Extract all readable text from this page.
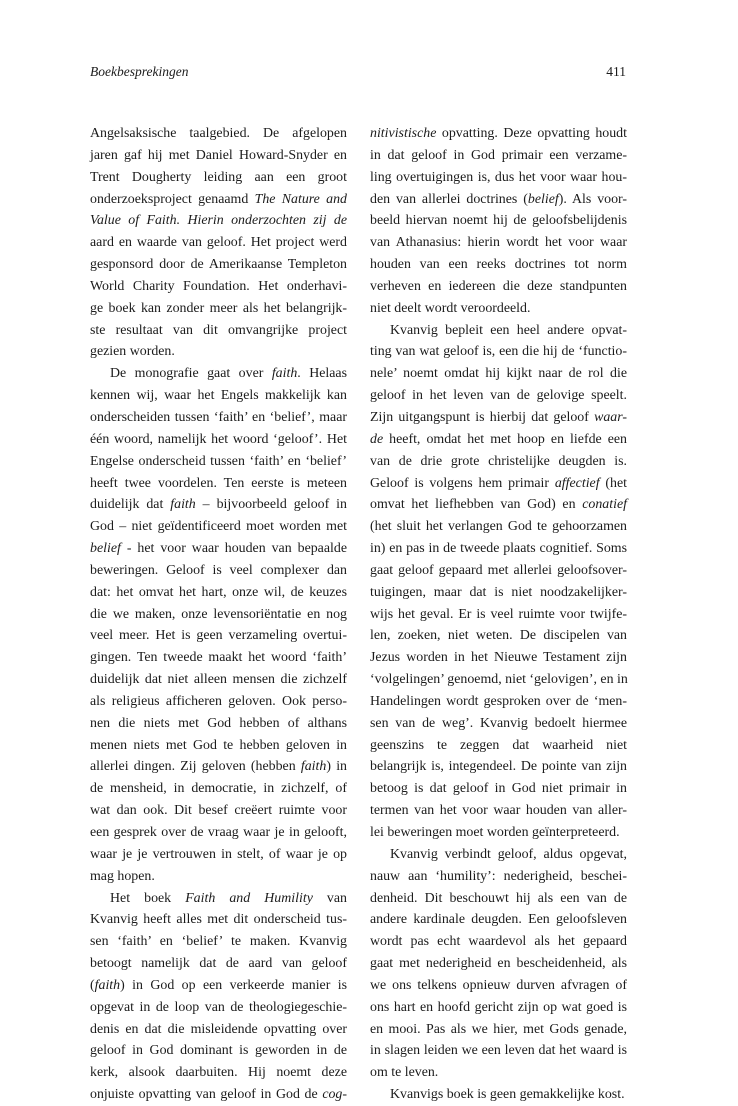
Boekbesprekingen	411
Angelsaksische taalgebied. De afgelopen
jaren gaf hij met Daniel Howard-Snyder en
Trent Dougherty leiding aan een groot
onderzoeksproject genaamd The Nature and
Value of Faith. Hierin onderzochten zij de
aard en waarde van geloof. Het project werd
gesponsord door de Amerikaanse Templeton
World Charity Foundation. Het onderhavi-
ge boek kan zonder meer als het belangrijk-
ste resultaat van dit omvangrijke project
gezien worden.
De monografie gaat over faith. Helaas
kennen wij, waar het Engels makkelijk kan
onderscheiden tussen ‘faith’ en ‘belief’, maar
één woord, namelijk het woord ‘geloof’. Het
Engelse onderscheid tussen ‘faith’ en ‘belief’
heeft twee voordelen. Ten eerste is meteen
duidelijk dat faith – bijvoorbeeld geloof in
God – niet geïdentificeerd moet worden met
belief - het voor waar houden van bepaalde
beweringen. Geloof is veel complexer dan
dat: het omvat het hart, onze wil, de keuzes
die we maken, onze levensoriëntatie en nog
veel meer. Het is geen verzameling overtui-
gingen. Ten tweede maakt het woord ‘faith’
duidelijk dat niet alleen mensen die zichzelf
als religieus afficheren geloven. Ook perso-
nen die niets met God hebben of althans
menen niets met God te hebben geloven in
allerlei dingen. Zij geloven (hebben faith) in
de mensheid, in democratie, in zichzelf, of
wat dan ook. Dit besef creëert ruimte voor
een gesprek over de vraag waar je in gelooft,
waar je je vertrouwen in stelt, of waar je op
mag hopen.
Het boek Faith and Humility van
Kvanvig heeft alles met dit onderscheid tus-
sen ‘faith’ en ‘belief’ te maken. Kvanvig
betoogt namelijk dat de aard van geloof
(faith) in God op een verkeerde manier is
opgevat in de loop van de theologiegeschie-
denis en dat die misleidende opvatting over
geloof in God dominant is geworden in de
kerk, alsook daarbuiten. Hij noemt deze
onjuiste opvatting van geloof in God de cog-
nitivistische opvatting. Deze opvatting houdt
in dat geloof in God primair een verzame-
ling overtuigingen is, dus het voor waar hou-
den van allerlei doctrines (belief). Als voor-
beeld hiervan noemt hij de geloofsbelijdenis
van Athanasius: hierin wordt het voor waar
houden van een reeks doctrines tot norm
verheven en iedereen die deze standpunten
niet deelt wordt veroordeeld.
Kvanvig bepleit een heel andere opvat-
ting van wat geloof is, een die hij de ‘functio-
nele’ noemt omdat hij kijkt naar de rol die
geloof in het leven van de gelovige speelt.
Zijn uitgangspunt is hierbij dat geloof waar-
de heeft, omdat het met hoop en liefde een
van de drie grote christelijke deugden is.
Geloof is volgens hem primair affectief (het
omvat het liefhebben van God) en conatief
(het sluit het verlangen God te gehoorzamen
in) en pas in de tweede plaats cognitief. Soms
gaat geloof gepaard met allerlei geloofsover-
tuigingen, maar dat is niet noodzakelijker-
wijs het geval. Er is veel ruimte voor twijfe-
len, zoeken, niet weten. De discipelen van
Jezus worden in het Nieuwe Testament zijn
‘volgelingen’ genoemd, niet ‘gelovigen’, en in
Handelingen wordt gesproken over de ‘men-
sen van de weg’. Kvanvig bedoelt hiermee
geenszins te zeggen dat waarheid niet
belangrijk is, integendeel. De pointe van zijn
betoog is dat geloof in God niet primair in
termen van het voor waar houden van aller-
lei beweringen moet worden geïnterpreteerd.
Kvanvig verbindt geloof, aldus opgevat,
nauw aan ‘humility’: nederigheid, beschei-
denheid. Dit beschouwt hij als een van de
andere kardinale deugden. Een geloofsleven
wordt pas echt waardevol als het gepaard
gaat met nederigheid en bescheidenheid, als
we ons telkens opnieuw durven afvragen of
ons hart en hoofd gericht zijn op wat goed is
en mooi. Pas als we hier, met Gods genade,
in slagen leiden we een leven dat het waard is
om te leven.
Kvanvigs boek is geen gemakkelijke kost.
